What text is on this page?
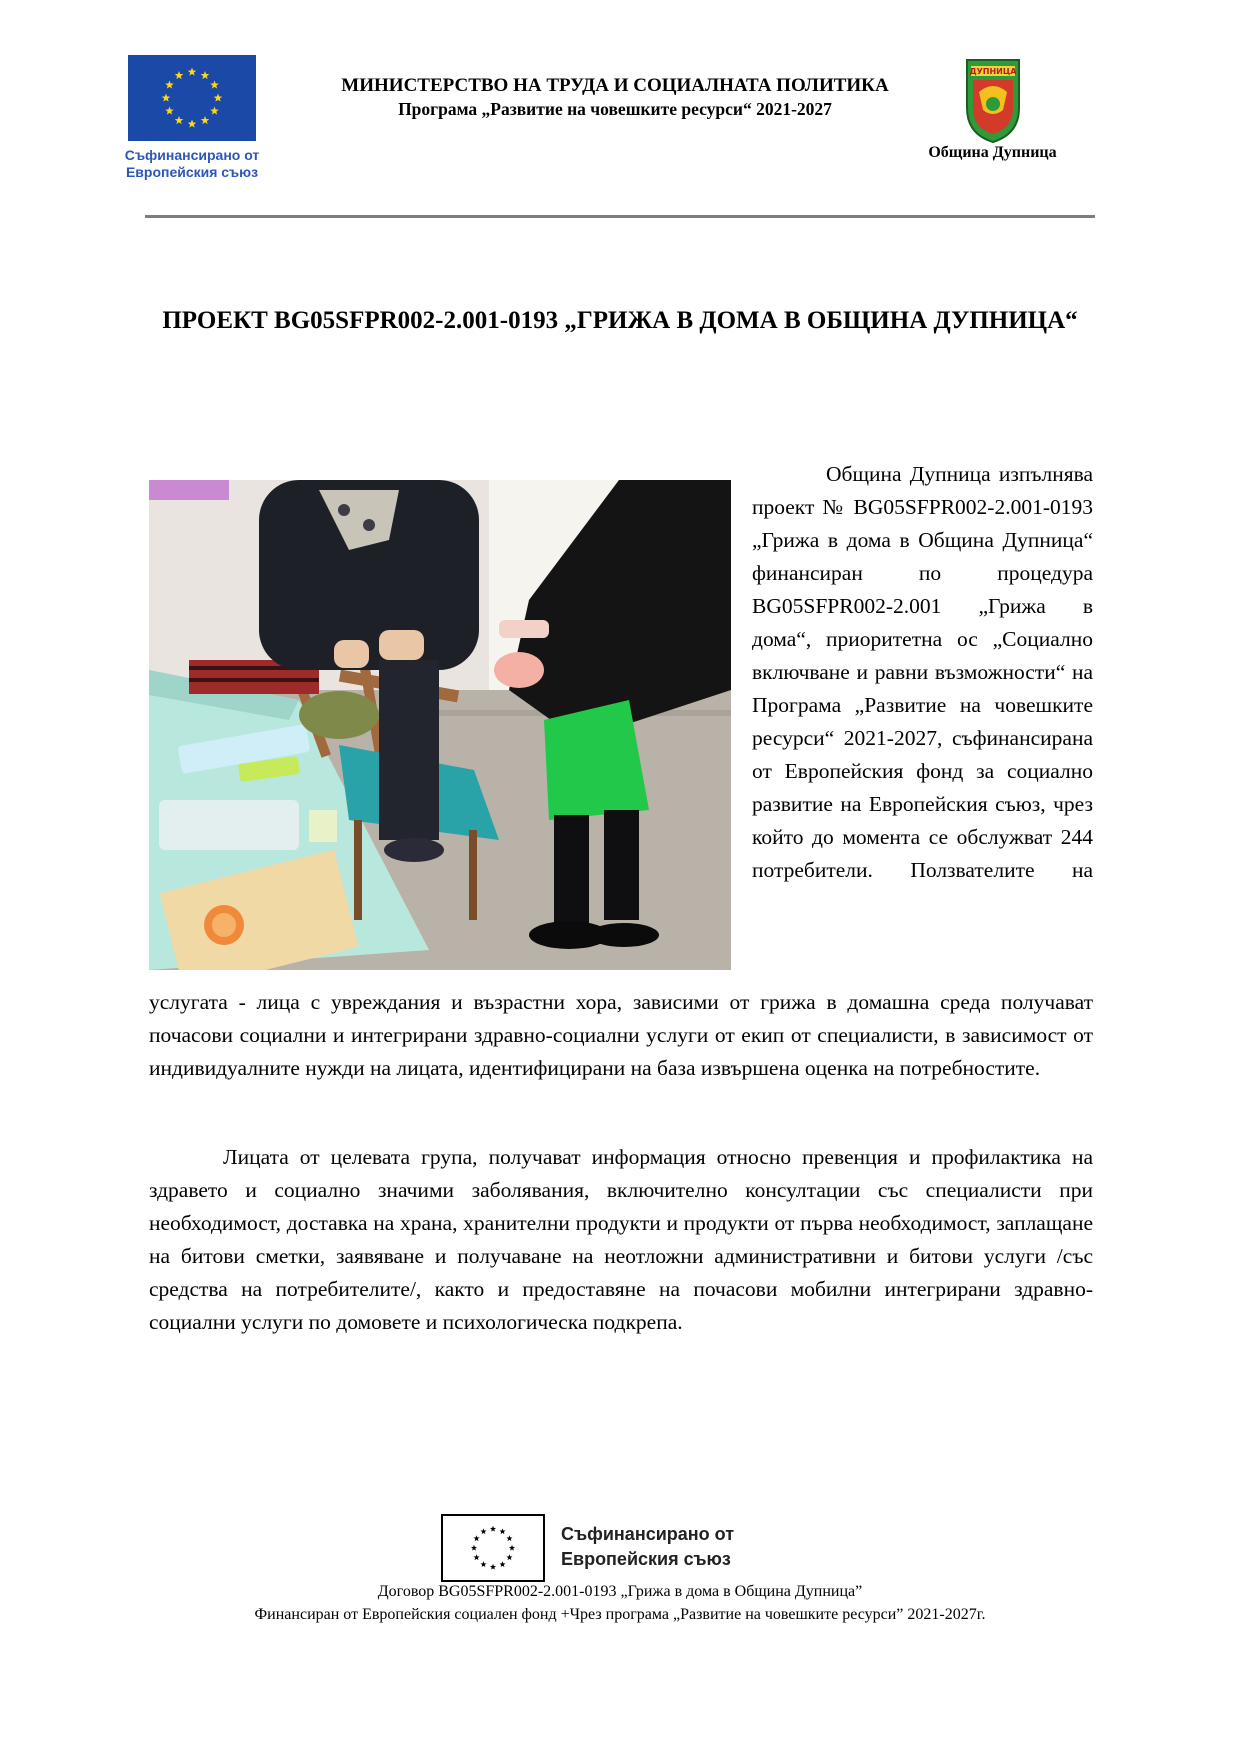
Съфинансирано от Европейския съюз
МИНИСТЕРСТВО НА ТРУДА И СОЦИАЛНАТА ПОЛИТИКА
Програма „Развитие на човешките ресурси“ 2021-2027
ДУПНИЦА
Община Дупница
ПРОЕКТ BG05SFPR002-2.001-0193 „ГРИЖА В ДОМА В ОБЩИНА ДУПНИЦА“
Община Дупница изпълнява проект № BG05SFPR002-2.001-0193 „Грижа в дома в Община Дупница“ финансиран по процедура BG05SFPR002-2.001 „Грижа в дома“, приоритетна ос „Социално включване и равни възможности“ на Програма „Развитие на човешките ресурси“ 2021-2027, съфинансирана от Европейския фонд за социално развитие на Европейския съюз, чрез който до момента се обслужват 244 потребители. Ползвателите на
услугата - лица с увреждания и възрастни хора, зависими от грижа в домашна среда получават почасови социални и интегрирани здравно-социални услуги от екип от специалисти, в зависимост от индивидуалните нужди на лицата, идентифицирани на база извършена оценка на потребностите.
Лицата от целевата група, получават информация относно превенция и профилактика на здравето и социално значими заболявания, включително консултации със специалисти при необходимост, доставка на храна, хранителни продукти и продукти от първа необходимост, заплащане на битови сметки, заявяване и получаване на неотложни административни и битови услуги /със средства на потребителите/, както и предоставяне на почасови мобилни интегрирани здравно-социални услуги по домовете и психологическа подкрепа.
Съфинансирано от
Европейския съюз
Договор BG05SFPR002-2.001-0193 „Грижа в дома в Община Дупница”
Финансиран от Европейския социален фонд +Чрез програма „Развитие на човешките ресурси” 2021-2027г.
